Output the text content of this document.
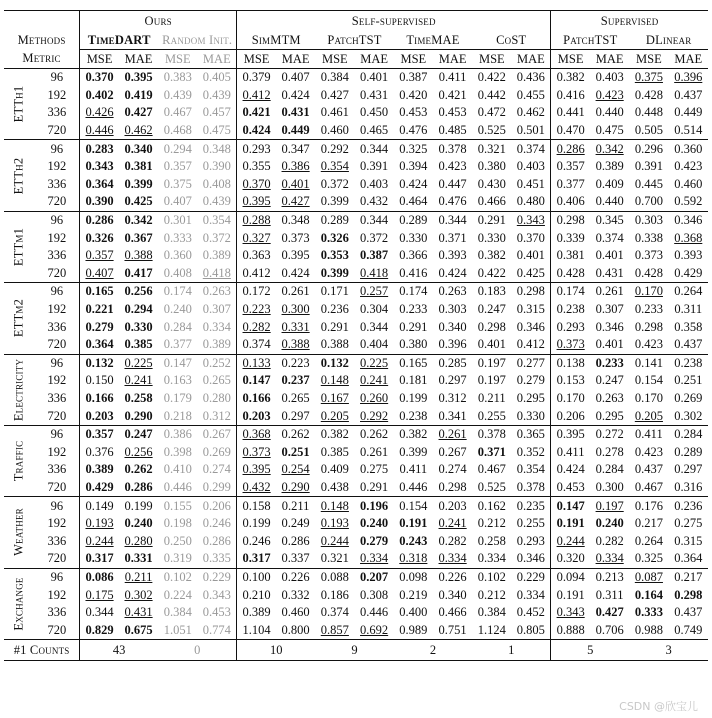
		Ours				Self-supervised								Supervised			
Methods		TimeDART		Random Init.		SimMTM		PatchTST		TimeMAE		CoST		PatchTST		DLinear	
Metric		MSE	MAE	MSE	MAE	MSE	MAE	MSE	MAE	MSE	MAE	MSE	MAE	MSE	MAE	MSE	MAE

ETTh1	96	0.370	0.395	0.383	0.405	0.379	0.407	0.384	0.401	0.387	0.411	0.422	0.436	0.382	0.403	0.375	0.396
	192	0.402	0.419	0.439	0.439	0.412	0.424	0.427	0.431	0.420	0.421	0.442	0.455	0.416	0.423	0.428	0.437
	336	0.426	0.427	0.467	0.457	0.421	0.431	0.461	0.450	0.453	0.453	0.472	0.462	0.441	0.440	0.448	0.449
	720	0.446	0.462	0.468	0.475	0.424	0.449	0.460	0.465	0.476	0.485	0.525	0.501	0.470	0.475	0.505	0.514

ETTh2	96	0.283	0.340	0.294	0.348	0.293	0.347	0.292	0.344	0.325	0.378	0.321	0.374	0.286	0.342	0.296	0.360
	192	0.343	0.381	0.357	0.390	0.355	0.386	0.354	0.391	0.394	0.423	0.380	0.403	0.357	0.389	0.391	0.423
	336	0.364	0.399	0.375	0.408	0.370	0.401	0.372	0.403	0.424	0.447	0.430	0.451	0.377	0.409	0.445	0.460
	720	0.390	0.425	0.407	0.439	0.395	0.427	0.399	0.432	0.464	0.476	0.466	0.480	0.406	0.440	0.700	0.592

ETTm1	96	0.286	0.342	0.301	0.354	0.288	0.348	0.289	0.344	0.289	0.344	0.291	0.343	0.298	0.345	0.303	0.346
	192	0.326	0.367	0.333	0.372	0.327	0.373	0.326	0.372	0.330	0.371	0.330	0.370	0.339	0.374	0.338	0.368
	336	0.357	0.388	0.360	0.389	0.363	0.395	0.353	0.387	0.366	0.393	0.382	0.401	0.381	0.401	0.373	0.393
	720	0.407	0.417	0.408	0.418	0.412	0.424	0.399	0.418	0.416	0.424	0.422	0.425	0.428	0.431	0.428	0.429

ETTm2	96	0.165	0.256	0.174	0.263	0.172	0.261	0.171	0.257	0.174	0.263	0.183	0.298	0.174	0.261	0.170	0.264
	192	0.221	0.294	0.240	0.307	0.223	0.300	0.236	0.304	0.233	0.303	0.247	0.315	0.238	0.307	0.233	0.311
	336	0.279	0.330	0.284	0.334	0.282	0.331	0.291	0.344	0.291	0.340	0.298	0.346	0.293	0.346	0.298	0.358
	720	0.364	0.385	0.377	0.389	0.374	0.388	0.388	0.404	0.380	0.396	0.401	0.412	0.373	0.401	0.423	0.437

Electricity	96	0.132	0.225	0.147	0.252	0.133	0.223	0.132	0.225	0.165	0.285	0.197	0.277	0.138	0.233	0.141	0.238
	192	0.150	0.241	0.163	0.265	0.147	0.237	0.148	0.241	0.181	0.297	0.197	0.279	0.153	0.247	0.154	0.251
	336	0.166	0.258	0.179	0.280	0.166	0.265	0.167	0.260	0.199	0.312	0.211	0.295	0.170	0.263	0.170	0.269
	720	0.203	0.290	0.218	0.312	0.203	0.297	0.205	0.292	0.238	0.341	0.255	0.330	0.206	0.295	0.205	0.302

Traffic	96	0.357	0.247	0.386	0.267	0.368	0.262	0.382	0.262	0.382	0.261	0.378	0.365	0.395	0.272	0.411	0.284
	192	0.376	0.256	0.398	0.269	0.373	0.251	0.385	0.261	0.399	0.267	0.371	0.352	0.411	0.278	0.423	0.289
	336	0.389	0.262	0.410	0.274	0.395	0.254	0.409	0.275	0.411	0.274	0.467	0.354	0.424	0.284	0.437	0.297
	720	0.429	0.286	0.446	0.299	0.432	0.290	0.438	0.291	0.446	0.298	0.525	0.378	0.453	0.300	0.467	0.316

Weather	96	0.149	0.199	0.155	0.206	0.158	0.211	0.148	0.196	0.154	0.203	0.162	0.235	0.147	0.197	0.176	0.236
	192	0.193	0.240	0.198	0.246	0.199	0.249	0.193	0.240	0.191	0.241	0.212	0.255	0.191	0.240	0.217	0.275
	336	0.244	0.280	0.250	0.286	0.246	0.286	0.244	0.279	0.243	0.282	0.258	0.293	0.244	0.282	0.264	0.315
	720	0.317	0.331	0.319	0.335	0.317	0.337	0.321	0.334	0.318	0.334	0.334	0.346	0.320	0.334	0.325	0.364

Exchange	96	0.086	0.211	0.102	0.229	0.100	0.226	0.088	0.207	0.098	0.226	0.102	0.229	0.094	0.213	0.087	0.217
	192	0.175	0.302	0.224	0.343	0.210	0.332	0.186	0.308	0.219	0.340	0.212	0.334	0.191	0.311	0.164	0.298
	336	0.344	0.431	0.384	0.453	0.389	0.460	0.374	0.446	0.400	0.466	0.384	0.452	0.343	0.427	0.333	0.437
	720	0.829	0.675	1.051	0.774	1.104	0.800	0.857	0.692	0.989	0.751	1.124	0.805	0.888	0.706	0.988	0.749
#1 Counts		43		0		10		9		2		1		5		3	
CSDN @欣宝儿
